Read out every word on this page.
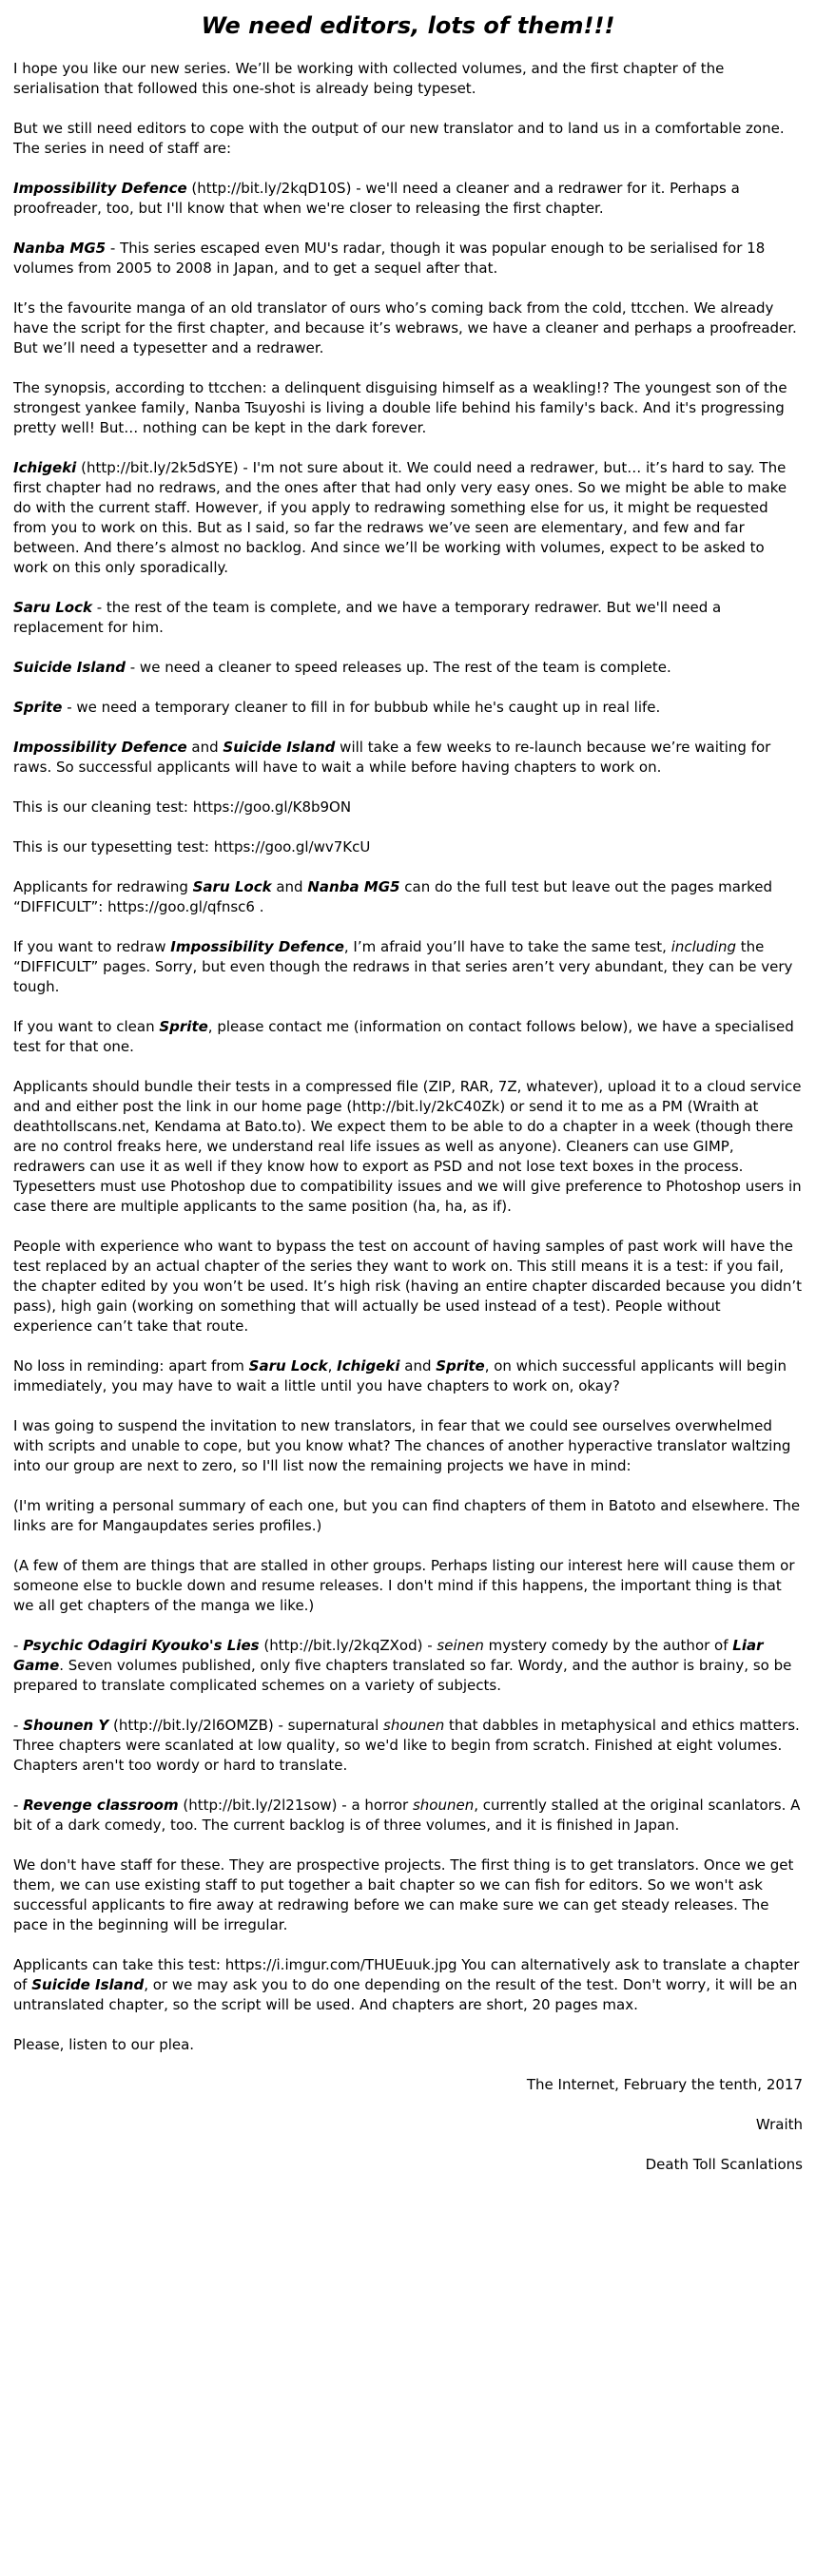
We need editors, lots of them!!!

I hope you like our new series. We’ll be working with collected volumes, and the first chapter of the serialisation that followed this one-shot is already being typeset.

But we still need editors to cope with the output of our new translator and to land us in a comfortable zone. The series in need of staff are:

Impossibility Defence (http://bit.ly/2kqD10S) - we'll need a cleaner and a redrawer for it. Perhaps a proofreader, too, but I'll know that when we're closer to releasing the first chapter.

Nanba MG5 - This series escaped even MU's radar, though it was popular enough to be serialised for 18 volumes from 2005 to 2008 in Japan, and to get a sequel after that.

It’s the favourite manga of an old translator of ours who’s coming back from the cold, ttcchen. We already have the script for the first chapter, and because it’s webraws, we have a cleaner and perhaps a proofreader. But we’ll need a typesetter and a redrawer.

The synopsis, according to ttcchen: a delinquent disguising himself as a weakling!? The youngest son of the strongest yankee family, Nanba Tsuyoshi is living a double life behind his family's back. And it's progressing pretty well! But… nothing can be kept in the dark forever.

Ichigeki (http://bit.ly/2k5dSYE) - I'm not sure about it. We could need a redrawer, but… it’s hard to say. The first chapter had no redraws, and the ones after that had only very easy ones. So we might be able to make do with the current staff. However, if you apply to redrawing something else for us, it might be requested from you to work on this. But as I said, so far the redraws we’ve seen are elementary, and few and far between. And there’s almost no backlog. And since we’ll be working with volumes, expect to be asked to work on this only sporadically.

Saru Lock - the rest of the team is complete, and we have a temporary redrawer. But we'll need a replacement for him.

Suicide Island - we need a cleaner to speed releases up. The rest of the team is complete.

Sprite - we need a temporary cleaner to fill in for bubbub while he's caught up in real life.

Impossibility Defence and Suicide Island will take a few weeks to re-launch because we’re waiting for raws. So successful applicants will have to wait a while before having chapters to work on.

This is our cleaning test: https://goo.gl/K8b9ON

This is our typesetting test: https://goo.gl/wv7KcU

Applicants for redrawing Saru Lock and Nanba MG5 can do the full test but leave out the pages marked “DIFFICULT”: https://goo.gl/qfnsc6 .

If you want to redraw Impossibility Defence, I’m afraid you’ll have to take the same test, including the “DIFFICULT” pages. Sorry, but even though the redraws in that series aren’t very abundant, they can be very tough.

If you want to clean Sprite, please contact me (information on contact follows below), we have a specialised test for that one.

Applicants should bundle their tests in a compressed file (ZIP, RAR, 7Z, whatever), upload it to a cloud service and and either post the link in our home page (http://bit.ly/2kC40Zk) or send it to me as a PM (Wraith at deathtollscans.net, Kendama at Bato.to). We expect them to be able to do a chapter in a week (though there are no control freaks here, we understand real life issues as well as anyone). Cleaners can use GIMP, redrawers can use it as well if they know how to export as PSD and not lose text boxes in the process. Typesetters must use Photoshop due to compatibility issues and we will give preference to Photoshop users in case there are multiple applicants to the same position (ha, ha, as if).

People with experience who want to bypass the test on account of having samples of past work will have the test replaced by an actual chapter of the series they want to work on. This still means it is a test: if you fail, the chapter edited by you won’t be used. It’s high risk (having an entire chapter discarded because you didn’t pass), high gain (working on something that will actually be used instead of a test). People without experience can’t take that route.

No loss in reminding: apart from Saru Lock, Ichigeki and Sprite, on which successful applicants will begin immediately, you may have to wait a little until you have chapters to work on, okay?

I was going to suspend the invitation to new translators, in fear that we could see ourselves overwhelmed with scripts and unable to cope, but you know what? The chances of another hyperactive translator waltzing into our group are next to zero, so I'll list now the remaining projects we have in mind:

(I'm writing a personal summary of each one, but you can find chapters of them in Batoto and elsewhere. The links are for Mangaupdates series profiles.)

(A few of them are things that are stalled in other groups. Perhaps listing our interest here will cause them or someone else to buckle down and resume releases. I don't mind if this happens, the important thing is that we all get chapters of the manga we like.)

- Psychic Odagiri Kyouko's Lies (http://bit.ly/2kqZXod) - seinen mystery comedy by the author of Liar Game. Seven volumes published, only five chapters translated so far. Wordy, and the author is brainy, so be prepared to translate complicated schemes on a variety of subjects.

- Shounen Y (http://bit.ly/2l6OMZB) - supernatural shounen that dabbles in metaphysical and ethics matters. Three chapters were scanlated at low quality, so we'd like to begin from scratch. Finished at eight volumes. Chapters aren't too wordy or hard to translate.

- Revenge classroom (http://bit.ly/2l21sow) - a horror shounen, currently stalled at the original scanlators. A bit of a dark comedy, too. The current backlog is of three volumes, and it is finished in Japan.

We don't have staff for these. They are prospective projects. The first thing is to get translators. Once we get them, we can use existing staff to put together a bait chapter so we can fish for editors. So we won't ask successful applicants to fire away at redrawing before we can make sure we can get steady releases. The pace in the beginning will be irregular.

Applicants can take this test: https://i.imgur.com/THUEuuk.jpg You can alternatively ask to translate a chapter of Suicide Island, or we may ask you to do one depending on the result of the test. Don't worry, it will be an untranslated chapter, so the script will be used. And chapters are short, 20 pages max.

Please, listen to our plea.

The Internet, February the tenth, 2017

Wraith

Death Toll Scanlations
